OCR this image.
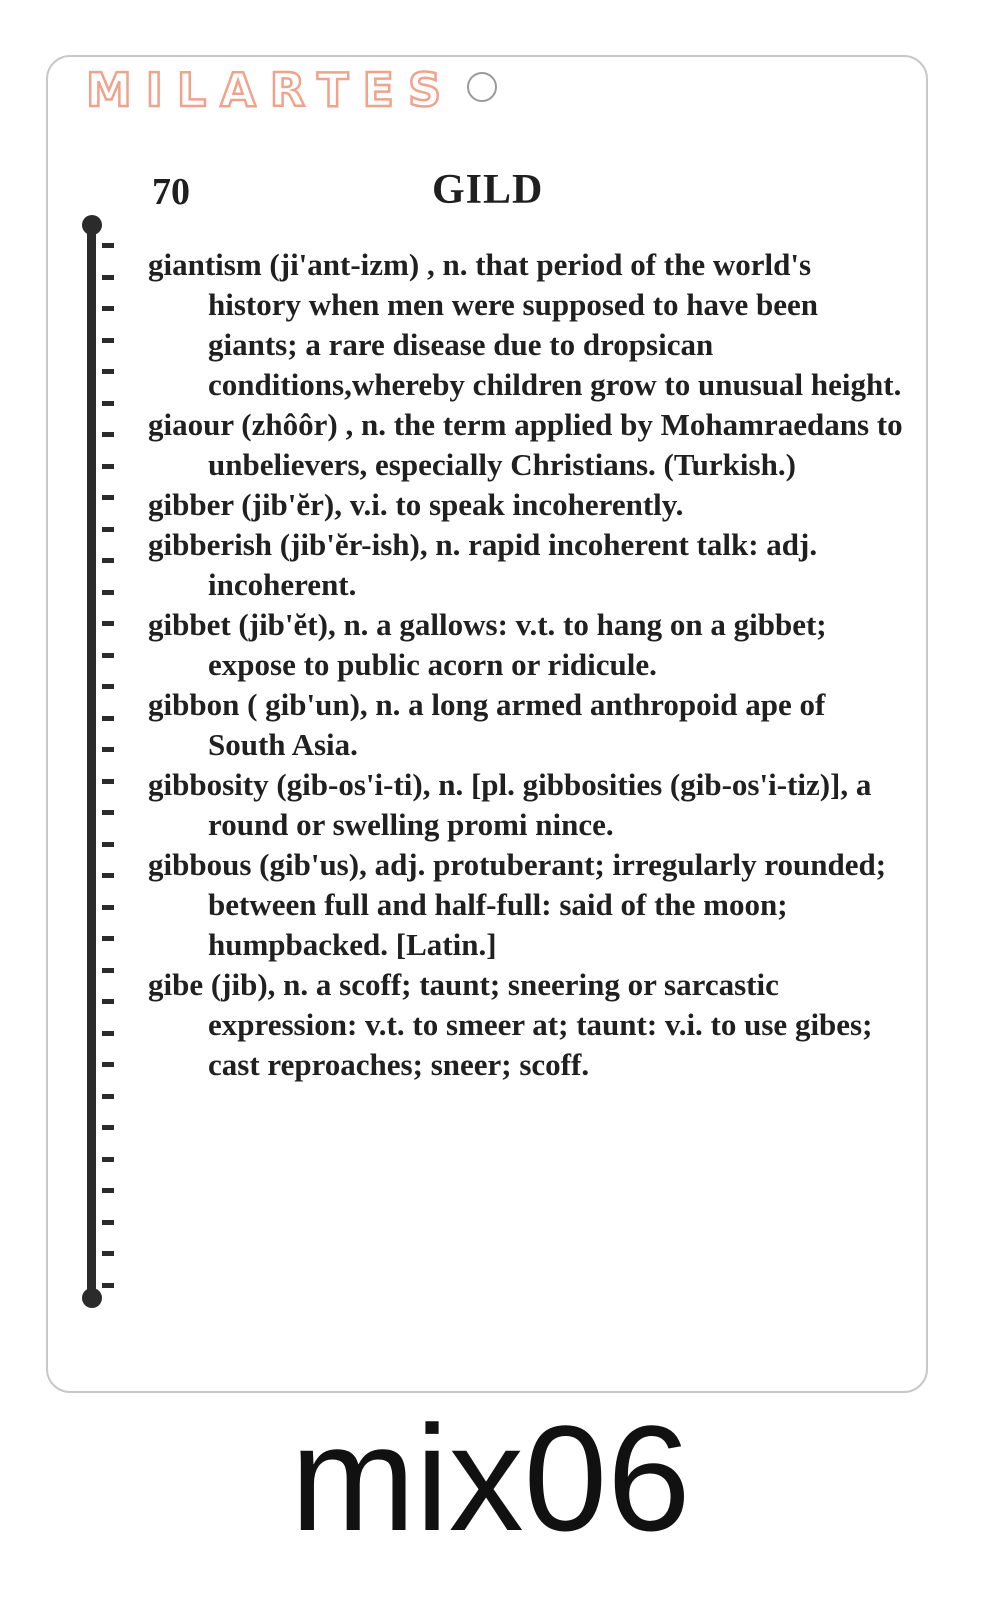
MILARTES
70	GILD

giantism (ji'ant-izm) , n. that period of the world's history when men were supposed to have been giants; a rare disease due to dropsican conditions,whereby children grow to unusual height.

giaour (zhôôr) , n. the term applied by Mohamraedans to unbelievers, especially Christians. (Turkish.)

gibber (jib'ĕr), v.i. to speak incoherently.

gibberish (jib'ĕr-ish), n. rapid incoherent talk: adj. incoherent.

gibbet (jib'ĕt), n. a gallows: v.t. to hang on a gibbet; expose to public acorn or ridicule.

gibbon ( gib'un), n. a long armed anthropoid ape of South Asia.

gibbosity (gib-os'i-ti), n. [pl. gibbosities (gib-os'i-tiz)], a round or swelling promi nince.

gibbous (gib'us), adj. protuberant; irregularly rounded; between full and half-full: said of the moon; humpbacked. [Latin.]

gibe (jib), n. a scoff; taunt; sneering or sarcastic expression: v.t. to smeer at; taunt: v.i. to use gibes; cast reproaches; sneer; scoff.

mix06
